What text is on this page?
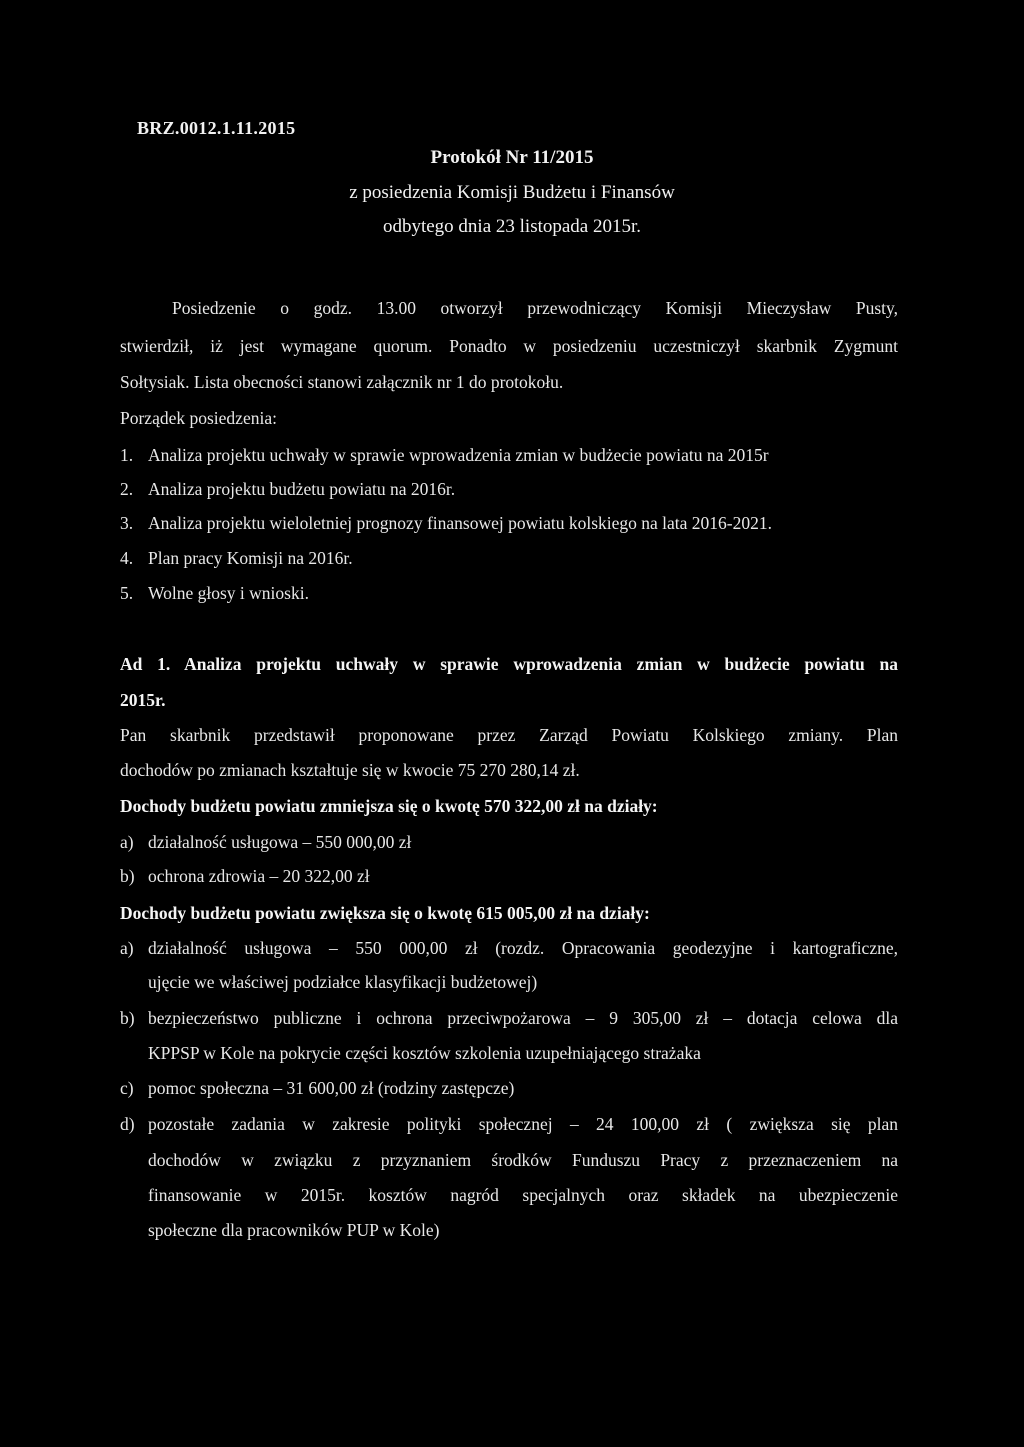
BRZ.0012.1.11.2015
Protokół Nr 11/2015
z posiedzenia Komisji Budżetu i Finansów
odbytego dnia 23 listopada 2015r.
Posiedzenie o godz. 13.00 otworzył przewodniczący Komisji Mieczysław Pusty,
stwierdził, iż jest wymagane quorum. Ponadto w posiedzeniu uczestniczył skarbnik Zygmunt
Sołtysiak. Lista obecności stanowi załącznik nr 1 do protokołu.
Porządek posiedzenia:
1. Analiza projektu uchwały w sprawie wprowadzenia zmian w budżecie powiatu na 2015r
2. Analiza projektu budżetu powiatu na 2016r.
3. Analiza projektu wieloletniej prognozy finansowej powiatu kolskiego na lata 2016-2021.
4. Plan pracy Komisji na 2016r.
5. Wolne głosy i wnioski.
Ad 1. Analiza projektu uchwały w sprawie wprowadzenia zmian w budżecie powiatu na
2015r.
Pan skarbnik przedstawił proponowane przez Zarząd Powiatu Kolskiego zmiany. Plan
dochodów po zmianach kształtuje się w kwocie 75 270 280,14 zł.
Dochody budżetu powiatu zmniejsza się o kwotę 570 322,00 zł na działy:
a) działalność usługowa – 550 000,00 zł
b) ochrona zdrowia – 20 322,00 zł
Dochody budżetu powiatu zwiększa się o kwotę 615 005,00 zł na działy:
a) działalność usługowa – 550 000,00 zł (rozdz. Opracowania geodezyjne i kartograficzne,
ujęcie we właściwej podziałce klasyfikacji budżetowej)
b) bezpieczeństwo publiczne i ochrona przeciwpożarowa – 9 305,00 zł – dotacja celowa dla
KPPSP w Kole na pokrycie części kosztów szkolenia uzupełniającego strażaka
c) pomoc społeczna – 31 600,00 zł (rodziny zastępcze)
d) pozostałe zadania w zakresie polityki społecznej – 24 100,00 zł ( zwiększa się plan
dochodów w związku z przyznaniem środków Funduszu Pracy z przeznaczeniem na
finansowanie w 2015r. kosztów nagród specjalnych oraz składek na ubezpieczenie
społeczne dla pracowników PUP w Kole)
